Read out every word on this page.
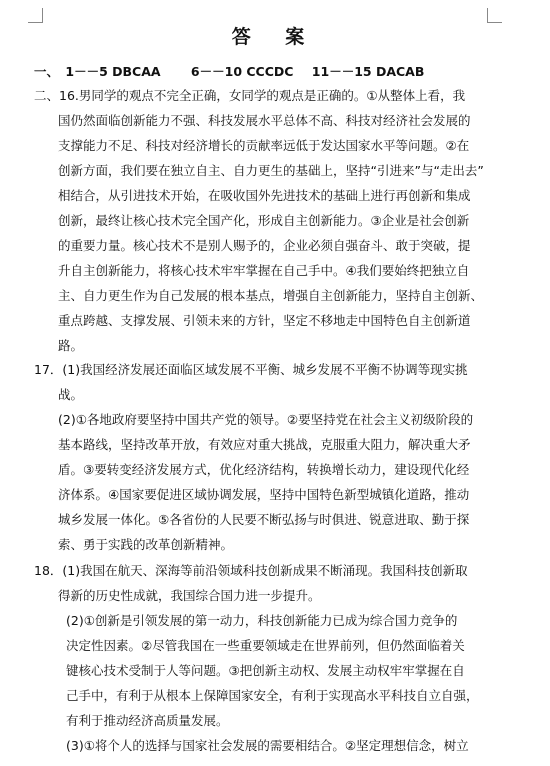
答 案
一、 1－－5 DBCAA 6－－10 CCCDC 11－－15 DACAB
二、16.男同学的观点不完全正确，女同学的观点是正确的。①从整体上看，我
国仍然面临创新能力不强、科技发展水平总体不高、科技对经济社会发展的
支撑能力不足、科技对经济增长的贡献率远低于发达国家水平等问题。②在
创新方面，我们要在独立自主、自力更生的基础上，坚持“引进来”与“走出去”
相结合，从引进技术开始，在吸收国外先进技术的基础上进行再创新和集成
创新，最终让核心技术完全国产化，形成自主创新能力。③企业是社会创新
的重要力量。核心技术不是别人赐予的，企业必须自强奋斗、敢于突破，提
升自主创新能力，将核心技术牢牢掌握在自己手中。④我们要始终把独立自
主、自力更生作为自己发展的根本基点，增强自主创新能力，坚持自主创新、
重点跨越、支撑发展、引领未来的方针，坚定不移地走中国特色自主创新道
路。
17．(1)我国经济发展还面临区域发展不平衡、城乡发展不平衡不协调等现实挑
战。
(2)①各地政府要坚持中国共产党的领导。②要坚持党在社会主义初级阶段的
基本路线，坚持改革开放，有效应对重大挑战，克服重大阻力，解决重大矛
盾。③要转变经济发展方式，优化经济结构，转换增长动力，建设现代化经
济体系。④国家要促进区域协调发展，坚持中国特色新型城镇化道路，推动
城乡发展一体化。⑤各省份的人民要不断弘扬与时俱进、锐意进取、勤于探
索、勇于实践的改革创新精神。
18．(1)我国在航天、深海等前沿领域科技创新成果不断涌现。我国科技创新取
得新的历史性成就，我国综合国力进一步提升。
(2)①创新是引领发展的第一动力，科技创新能力已成为综合国力竞争的
决定性因素。②尽管我国在一些重要领域走在世界前列，但仍然面临着关
键核心技术受制于人等问题。③把创新主动权、发展主动权牢牢掌握在自
己手中，有利于从根本上保障国家安全，有利于实现高水平科技自立自强，
有利于推动经济高质量发展。
(3)①将个人的选择与国家社会发展的需要相结合。②坚定理想信念，树立
